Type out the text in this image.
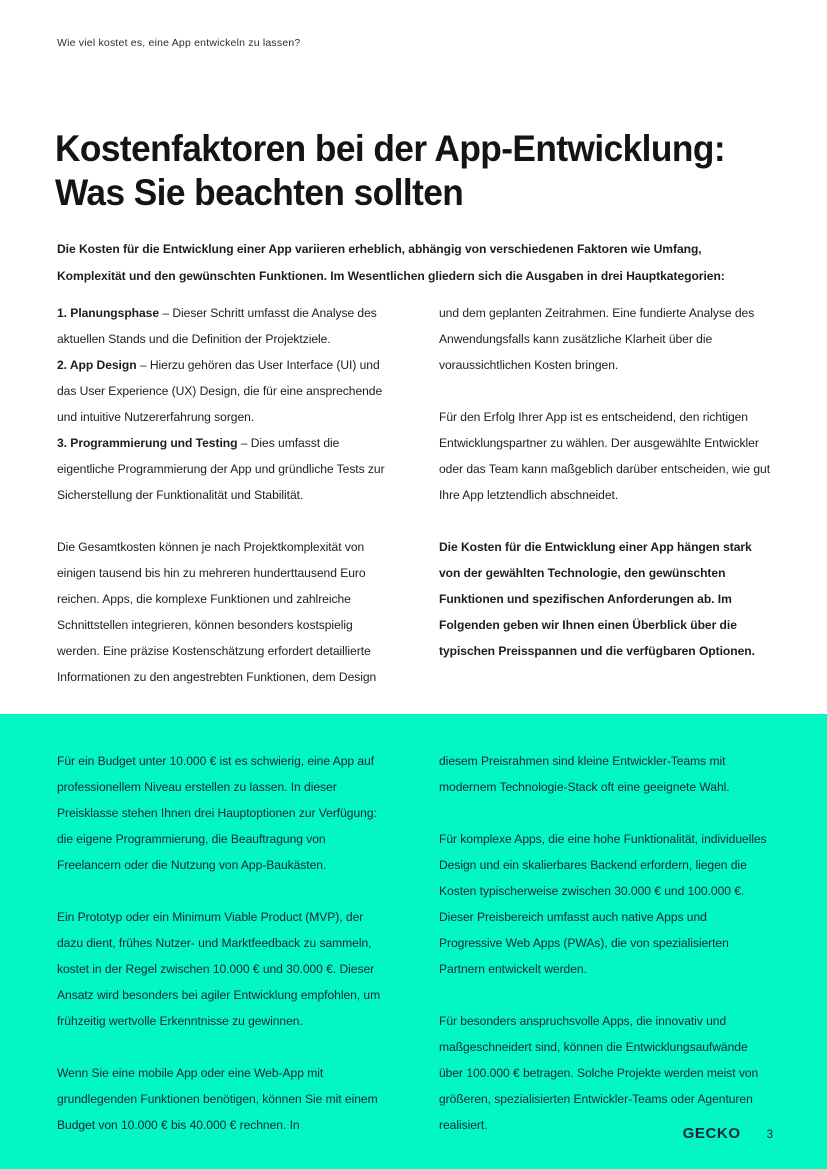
Wie viel kostet es, eine App entwickeln zu lassen?
Kostenfaktoren bei der App-Entwicklung:
Was Sie beachten sollten
Die Kosten für die Entwicklung einer App variieren erheblich, abhängig von verschiedenen Faktoren wie Umfang, Komplexität und den gewünschten Funktionen. Im Wesentlichen gliedern sich die Ausgaben in drei Hauptkategorien:

1. Planungsphase – Dieser Schritt umfasst die Analyse des aktuellen Stands und die Definition der Projektziele.
2. App Design – Hierzu gehören das User Interface (UI) und das User Experience (UX) Design, die für eine ansprechende und intuitive Nutzererfahrung sorgen.
3. Programmierung und Testing – Dies umfasst die eigentliche Programmierung der App und gründliche Tests zur Sicherstellung der Funktionalität und Stabilität.

Die Gesamtkosten können je nach Projektkomplexität von einigen tausend bis hin zu mehreren hunderttausend Euro reichen. Apps, die komplexe Funktionen und zahlreiche Schnittstellen integrieren, können besonders kostspielig werden. Eine präzise Kostenschätzung erfordert detaillierte Informationen zu den angestrebten Funktionen, dem Design

und dem geplanten Zeitrahmen. Eine fundierte Analyse des Anwendungsfalls kann zusätzliche Klarheit über die voraussichtlichen Kosten bringen.

Für den Erfolg Ihrer App ist es entscheidend, den richtigen Entwicklungspartner zu wählen. Der ausgewählte Entwickler oder das Team kann maßgeblich darüber entscheiden, wie gut Ihre App letztendlich abschneidet.

Die Kosten für die Entwicklung einer App hängen stark von der gewählten Technologie, den gewünschten Funktionen und spezifischen Anforderungen ab. Im Folgenden geben wir Ihnen einen Überblick über die typischen Preisspannen und die verfügbaren Optionen.

Für ein Budget unter 10.000 € ist es schwierig, eine App auf professionellem Niveau erstellen zu lassen. In dieser Preisklasse stehen Ihnen drei Hauptoptionen zur Verfügung: die eigene Programmierung, die Beauftragung von Freelancern oder die Nutzung von App-Baukästen.

Ein Prototyp oder ein Minimum Viable Product (MVP), der dazu dient, frühes Nutzer- und Marktfeedback zu sammeln, kostet in der Regel zwischen 10.000 € und 30.000 €. Dieser Ansatz wird besonders bei agiler Entwicklung empfohlen, um frühzeitig wertvolle Erkenntnisse zu gewinnen.

Wenn Sie eine mobile App oder eine Web-App mit grundlegenden Funktionen benötigen, können Sie mit einem Budget von 10.000 € bis 40.000 € rechnen. In

diesem Preisrahmen sind kleine Entwickler-Teams mit modernem Technologie-Stack oft eine geeignete Wahl.

Für komplexe Apps, die eine hohe Funktionalität, individuelles Design und ein skalierbares Backend erfordern, liegen die Kosten typischerweise zwischen 30.000 € und 100.000 €. Dieser Preisbereich umfasst auch native Apps und Progressive Web Apps (PWAs), die von spezialisierten Partnern entwickelt werden.

Für besonders anspruchsvolle Apps, die innovativ und maßgeschneidert sind, können die Entwicklungsaufwände über 100.000 € betragen. Solche Projekte werden meist von größeren, spezialisierten Entwickler-Teams oder Agenturen realisiert.	GECKO 3
